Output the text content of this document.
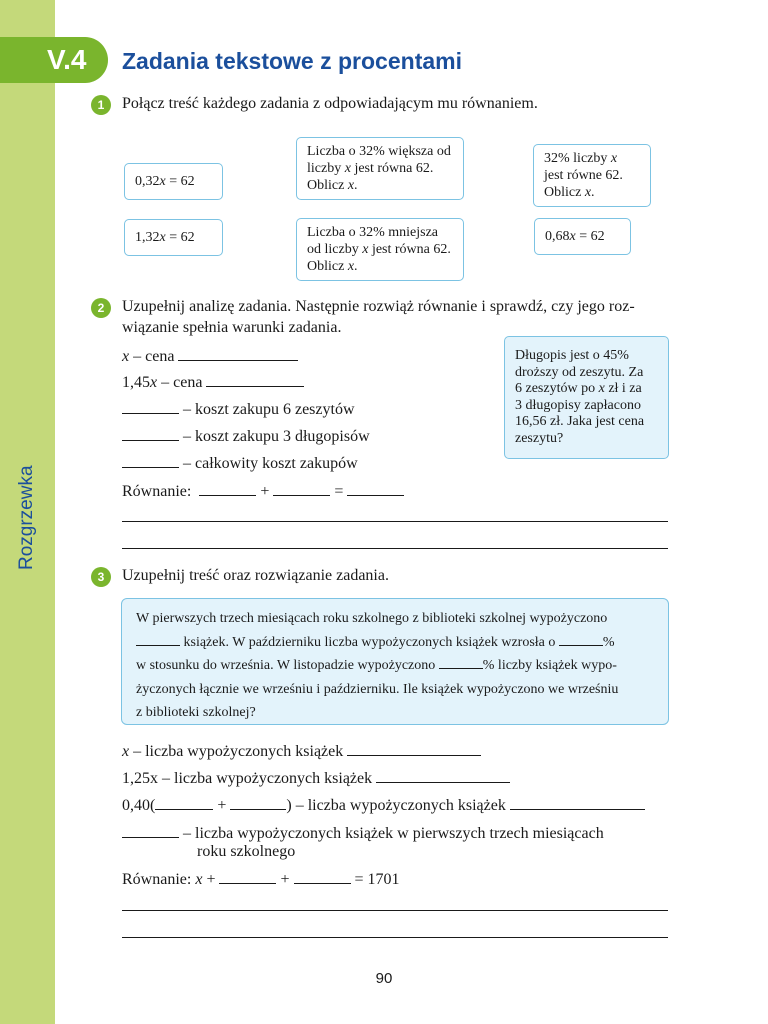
Rozgrzewka
V.4	Zadania tekstowe z procentami
1	Połącz treść każdego zadania z odpowiadającym mu równaniem.
0,32x = 62
1,32x = 62	0,68x = 62
Liczba o 32% większa od
liczby x jest równa 62.
Oblicz x.
Liczba o 32% mniejsza
od liczby x jest równa 62.
Oblicz x.
32% liczby x
jest równe 62.
Oblicz x.
2	Uzupełnij analizę zadania. Następnie rozwiąż równanie i sprawdź, czy jego roz-
wiązanie spełnia warunki zadania.
x – cena
1,45x – cena
– koszt zakupu 6 zeszytów
– koszt zakupu 3 długopisów
– całkowity koszt zakupów
Równanie:	+	=
Długopis jest o 45%
droższy od zeszytu. Za
6 zeszytów po x zł i za
3 długopisy zapłacono
16,56 zł. Jaka jest cena
zeszytu?
3	Uzupełnij treść oraz rozwiązanie zadania.
W pierwszych trzech miesiącach roku szkolnego z biblioteki szkolnej wypożyczono
książek. W październiku liczba wypożyczonych książek wzrosła o	%
w stosunku do września. W listopadzie wypożyczono	% liczby książek wypo-
życzonych łącznie we wrześniu i październiku. Ile książek wypożyczono we wrześniu
z biblioteki szkolnej?
x – liczba wypożyczonych książek
1,25x – liczba wypożyczonych książek
0,40(	+	) – liczba wypożyczonych książek
– liczba wypożyczonych książek w pierwszych trzech miesiącach
roku szkolnego
Równanie: x +	+	= 1701
90
